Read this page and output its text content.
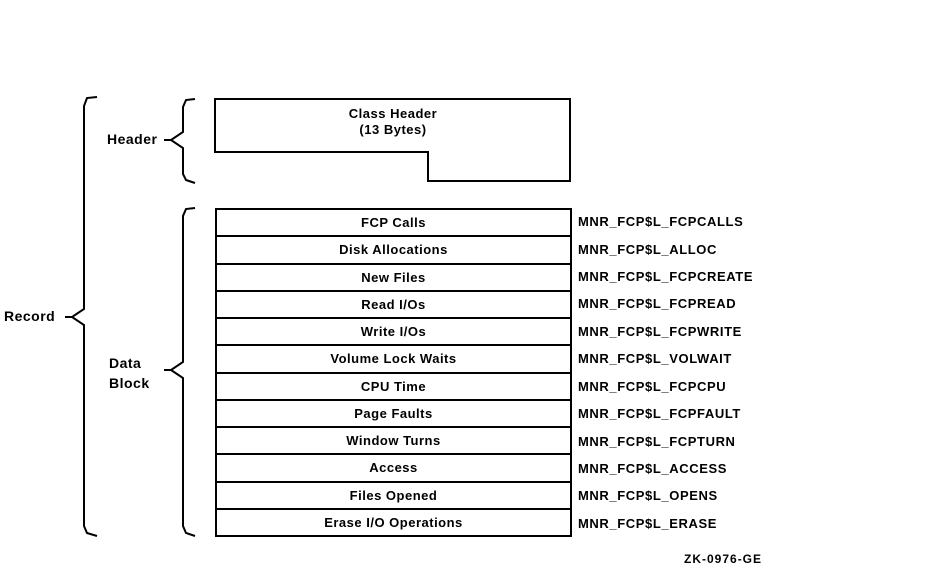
Record
Header
Data
Block
Class Header
(13 Bytes)
FCP Calls
Disk Allocations
New Files
Read I/Os
Write I/Os
Volume Lock Waits
CPU Time
Page Faults
Window Turns
Access
Files Opened
Erase I/O Operations
MNR_FCP$L_FCPCALLS
MNR_FCP$L_ALLOC
MNR_FCP$L_FCPCREATE
MNR_FCP$L_FCPREAD
MNR_FCP$L_FCPWRITE
MNR_FCP$L_VOLWAIT
MNR_FCP$L_FCPCPU
MNR_FCP$L_FCPFAULT
MNR_FCP$L_FCPTURN
MNR_FCP$L_ACCESS
MNR_FCP$L_OPENS
MNR_FCP$L_ERASE
ZK-0976-GE
